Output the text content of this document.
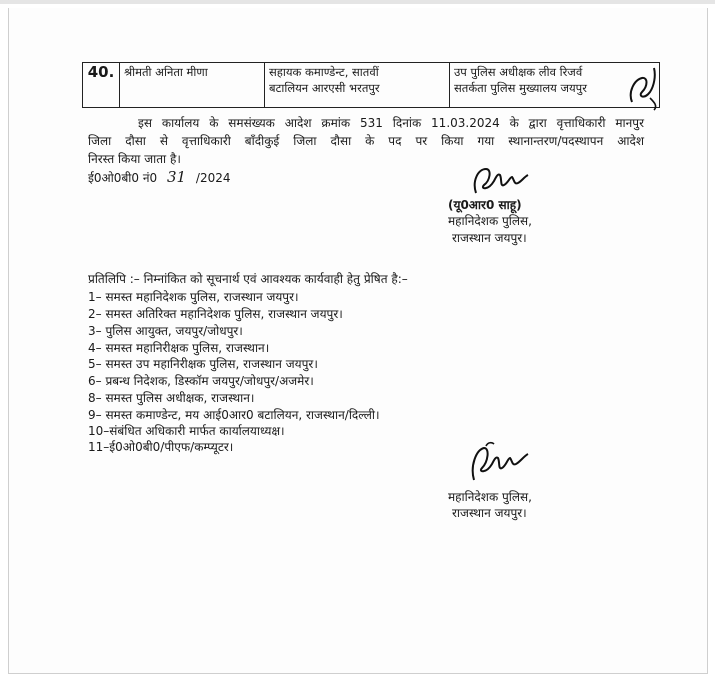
40.	श्रीमती अनिता मीणा	सहायक कमाण्डेन्ट, सातवीं
बटालियन आरएसी भरतपुर

उप पुलिस अधीक्षक लीव रिजर्व
सतर्कता पुलिस मुख्यालय जयपुर
इस कार्यालय के समसंख्यक आदेश क्रमांक 531 दिनांक 11.03.2024 के द्वारा वृत्ताधिकारी मानपुर
जिला दौसा से वृत्ताधिकारी बाँदीकुई जिला दौसा के पद पर किया गया स्थानान्तरण/पदस्थापन आदेश
निरस्त किया जाता है।
ई0ओ0बी0 नं0 31 /2024
(यू0आर0 साहू)
महानिदेशक पुलिस,
राजस्थान जयपुर।
प्रतिलिपि :– निम्नांकित को सूचनार्थ एवं आवश्यक कार्यवाही हेतु प्रेषित है:–
1– समस्त महानिदेशक पुलिस, राजस्थान जयपुर।
2– समस्त अतिरिक्त महानिदेशक पुलिस, राजस्थान जयपुर।
3– पुलिस आयुक्त, जयपुर/जोधपुर।
4– समस्त महानिरीक्षक पुलिस, राजस्थान।
5– समस्त उप महानिरीक्षक पुलिस, राजस्थान जयपुर।
6– प्रबन्ध निदेशक, डिस्कॉम जयपुर/जोधपुर/अजमेर।
8– समस्त पुलिस अधीक्षक, राजस्थान।
9– समस्त कमाण्डेन्ट, मय आई0आर0 बटालियन, राजस्थान/दिल्ली।
10–संबंधित अधिकारी मार्फत कार्यालयाध्यक्ष।
11–ई0ओ0बी0/पीएफ/कम्प्यूटर।
महानिदेशक पुलिस,
राजस्थान जयपुर।
